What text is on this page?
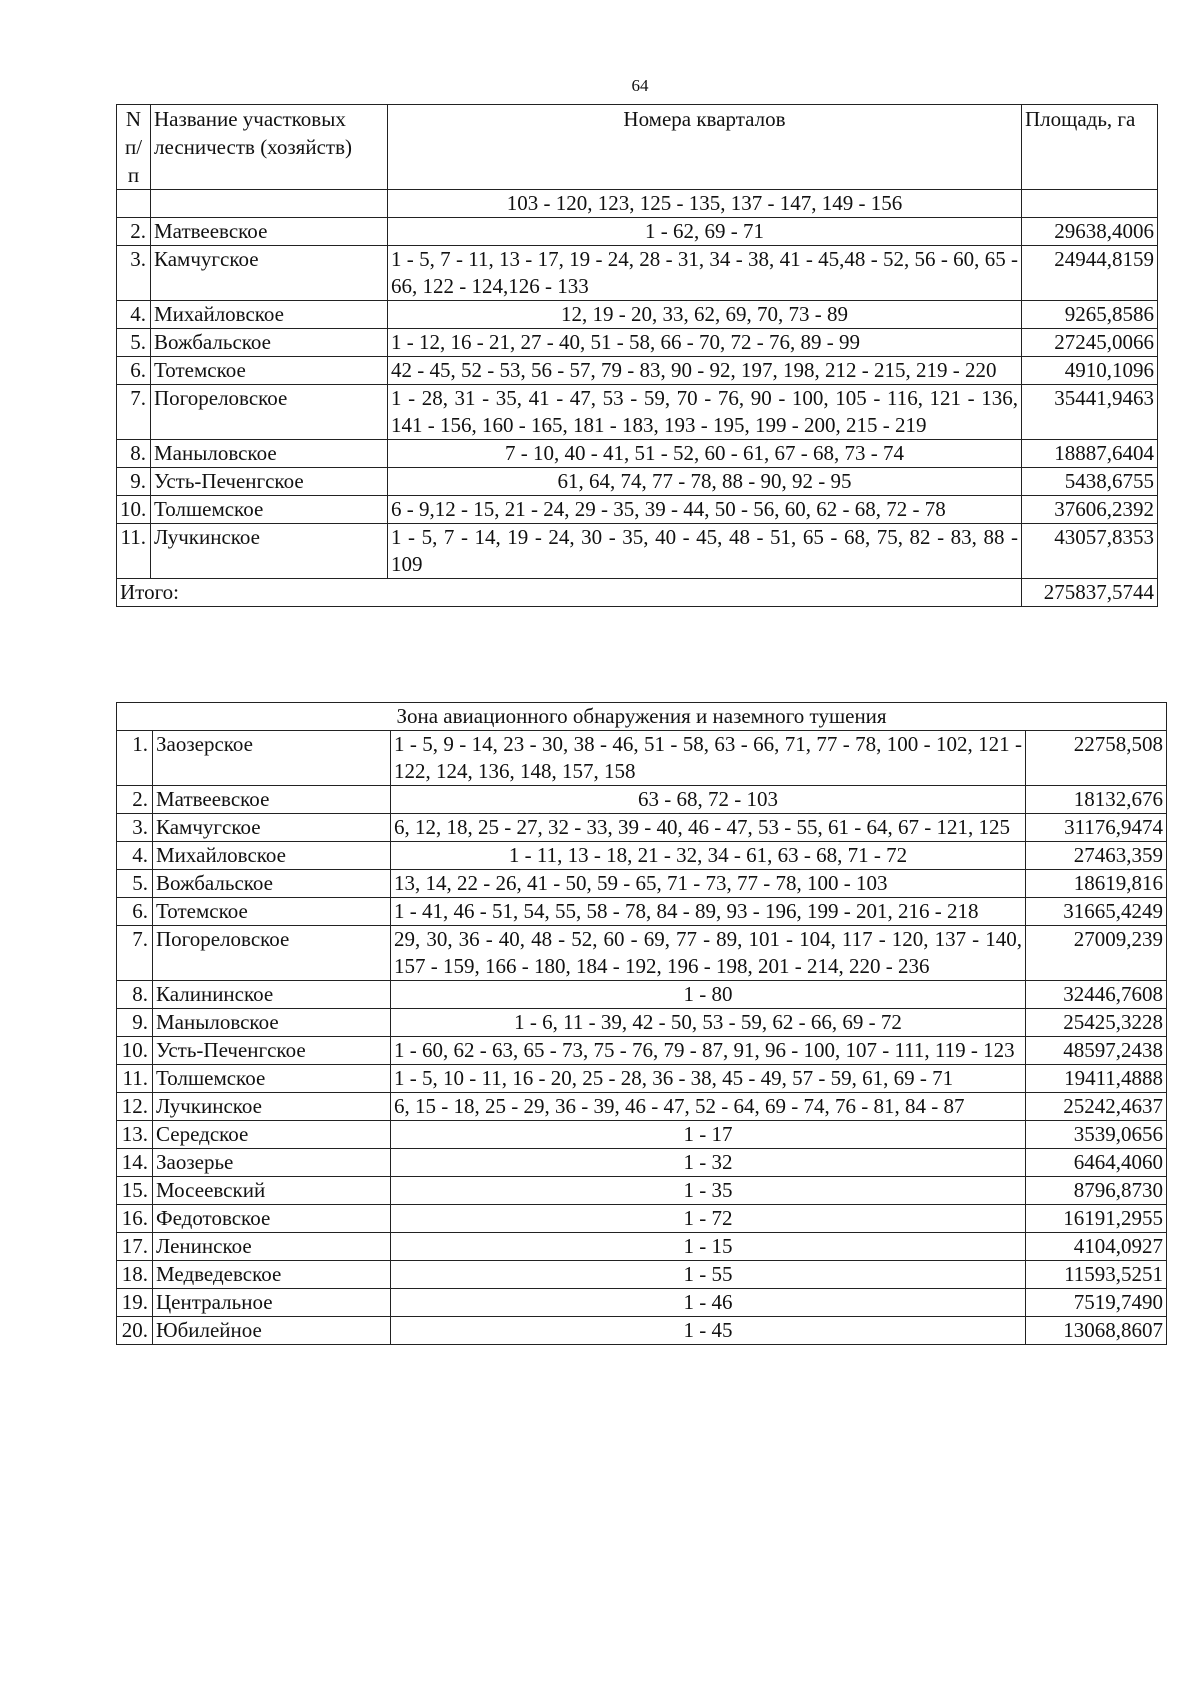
64
N п/п	Название участковых лесничеств (хозяйств)	Номера кварталов	Площадь, га
		103 - 120, 123, 125 - 135, 137 - 147, 149 - 156	
2.	Матвеевское	1 - 62, 69 - 71	29638,4006
3.	Камчугское	1 - 5, 7 - 11, 13 - 17, 19 - 24, 28 - 31, 34 - 38, 41 - 45,48 - 52, 56 - 60, 65 - 66, 122 - 124,126 - 133	24944,8159
4.	Михайловское	12, 19 - 20, 33, 62, 69, 70, 73 - 89	9265,8586
5.	Вожбальское	1 - 12, 16 - 21, 27 - 40, 51 - 58, 66 - 70, 72 - 76, 89 - 99	27245,0066
6.	Тотемское	42 - 45, 52 - 53, 56 - 57, 79 - 83, 90 - 92, 197, 198, 212 - 215, 219 - 220	4910,1096
7.	Погореловское	1 - 28, 31 - 35, 41 - 47, 53 - 59, 70 - 76, 90 - 100, 105 - 116, 121 - 136, 141 - 156, 160 - 165, 181 - 183, 193 - 195, 199 - 200, 215 - 219	35441,9463
8.	Маныловское	7 - 10, 40 - 41, 51 - 52, 60 - 61, 67 - 68, 73 - 74	18887,6404
9.	Усть-Печенгское	61, 64, 74, 77 - 78, 88 - 90, 92 - 95	5438,6755
10.	Толшемское	6 - 9,12 - 15, 21 - 24, 29 - 35, 39 - 44, 50 - 56, 60, 62 - 68, 72 - 78	37606,2392
11.	Лучкинское	1 - 5, 7 - 14, 19 - 24, 30 - 35, 40 - 45, 48 - 51, 65 - 68, 75, 82 - 83, 88 - 109	43057,8353
Итого:			275837,5744
Зона авиационного обнаружения и наземного тушения			
1.	Заозерское	1 - 5, 9 - 14, 23 - 30, 38 - 46, 51 - 58, 63 - 66, 71, 77 - 78, 100 - 102, 121 - 122, 124, 136, 148, 157, 158	22758,508
2.	Матвеевское	63 - 68, 72 - 103	18132,676
3.	Камчугское	6, 12, 18, 25 - 27, 32 - 33, 39 - 40, 46 - 47, 53 - 55, 61 - 64, 67 - 121, 125	31176,9474
4.	Михайловское	1 - 11, 13 - 18, 21 - 32, 34 - 61, 63 - 68, 71 - 72	27463,359
5.	Вожбальское	13, 14, 22 - 26, 41 - 50, 59 - 65, 71 - 73, 77 - 78, 100 - 103	18619,816
6.	Тотемское	1 - 41, 46 - 51, 54, 55, 58 - 78, 84 - 89, 93 - 196, 199 - 201, 216 - 218	31665,4249
7.	Погореловское	29, 30, 36 - 40, 48 - 52, 60 - 69, 77 - 89, 101 - 104, 117 - 120, 137 - 140, 157 - 159, 166 - 180, 184 - 192, 196 - 198, 201 - 214, 220 - 236	27009,239
8.	Калининское	1 - 80	32446,7608
9.	Маныловское	1 - 6, 11 - 39, 42 - 50, 53 - 59, 62 - 66, 69 - 72	25425,3228
10.	Усть-Печенгское	1 - 60, 62 - 63, 65 - 73, 75 - 76, 79 - 87, 91, 96 - 100, 107 - 111, 119 - 123	48597,2438
11.	Толшемское	1 - 5, 10 - 11, 16 - 20, 25 - 28, 36 - 38, 45 - 49, 57 - 59, 61, 69 - 71	19411,4888
12.	Лучкинское	6, 15 - 18, 25 - 29, 36 - 39, 46 - 47, 52 - 64, 69 - 74, 76 - 81, 84 - 87	25242,4637
13.	Середское	1 - 17	3539,0656
14.	Заозерье	1 - 32	6464,4060
15.	Мосеевский	1 - 35	8796,8730
16.	Федотовское	1 - 72	16191,2955
17.	Ленинское	1 - 15	4104,0927
18.	Медведевское	1 - 55	11593,5251
19.	Центральное	1 - 46	7519,7490
20.	Юбилейное	1 - 45	13068,8607
